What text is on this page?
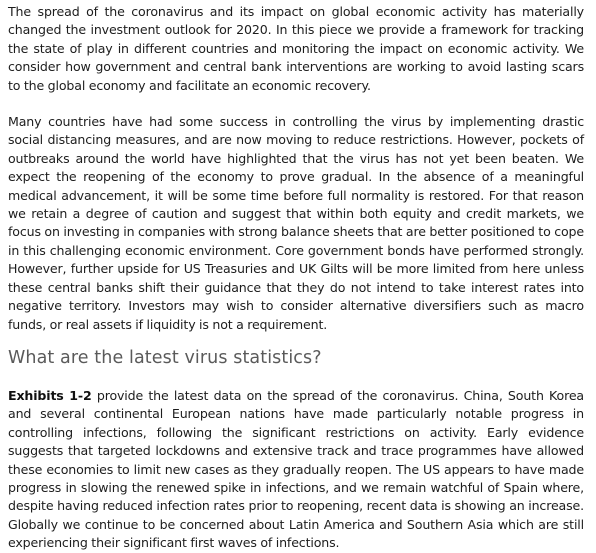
The spread of the coronavirus and its impact on global economic activity has materially changed the investment outlook for 2020. In this piece we provide a framework for tracking the state of play in different countries and monitoring the impact on economic activity. We consider how government and central bank interventions are working to avoid lasting scars to the global economy and facilitate an economic recovery.

Many countries have had some success in controlling the virus by implementing drastic social distancing measures, and are now moving to reduce restrictions. However, pockets of outbreaks around the world have highlighted that the virus has not yet been beaten. We expect the reopening of the economy to prove gradual. In the absence of a meaningful medical advancement, it will be some time before full normality is restored. For that reason we retain a degree of caution and suggest that within both equity and credit markets, we focus on investing in companies with strong balance sheets that are better positioned to cope in this challenging economic environment. Core government bonds have performed strongly. However, further upside for US Treasuries and UK Gilts will be more limited from here unless these central banks shift their guidance that they do not intend to take interest rates into negative territory. Investors may wish to consider alternative diversifiers such as macro funds, or real assets if liquidity is not a requirement.

What are the latest virus statistics?

Exhibits 1-2 provide the latest data on the spread of the coronavirus. China, South Korea and several continental European nations have made particularly notable progress in controlling infections, following the significant restrictions on activity. Early evidence suggests that targeted lockdowns and extensive track and trace programmes have allowed these economies to limit new cases as they gradually reopen. The US appears to have made progress in slowing the renewed spike in infections, and we remain watchful of Spain where, despite having reduced infection rates prior to reopening, recent data is showing an increase. Globally we continue to be concerned about Latin America and Southern Asia which are still experiencing their significant first waves of infections.
